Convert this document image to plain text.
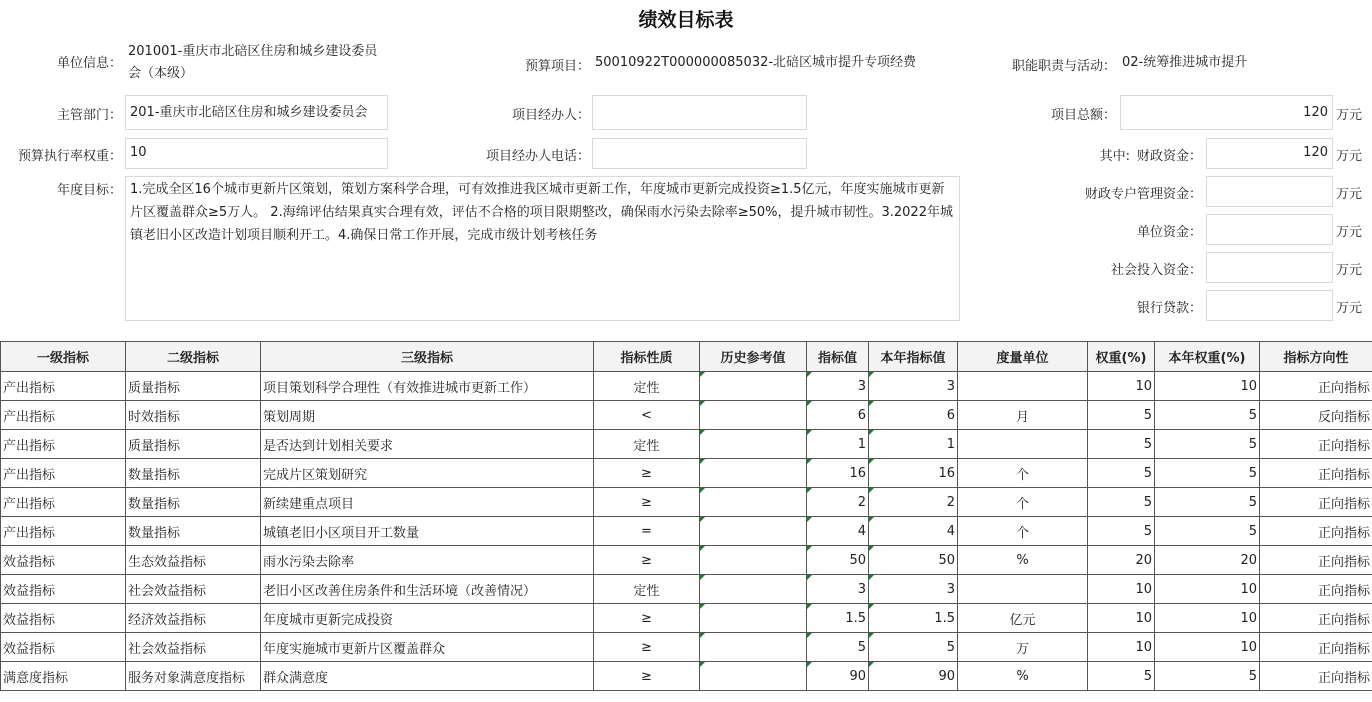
绩效目标表
单位信息：
201001-重庆市北碚区住房和城乡建设委员
会（本级）	预算项目： 50010922T000000085032-北碚区城市提升专项经费	职能职责与活动： 02-统筹推进城市提升
主管部门： 201-重庆市北碚区住房和城乡建设委员会	项目经办人：	项目总额：	120 万元
预算执行率权重： 10	项目经办人电话：	其中: 财政资金：	120 万元
年度目标： 1.完成全区16个城市更新片区策划，策划方案科学合理，可有效推进我区城市更新工作，年度城市更新完成投资≥1.5亿元，年度实施城市更新片区覆盖群众≥5万人。 2.海绵评估结果真实合理有效，评估不合格的项目限期整改，确保雨水污染去除率≥50%，提升城市韧性。3.2022年城镇老旧小区改造计划项目顺利开工。4.确保日常工作开展，完成市级计划考核任务
财政专户管理资金：	万元
单位资金：	万元
社会投入资金：	万元
银行贷款：	万元
一级指标	二级指标	三级指标	指标性质	历史参考值	指标值	本年指标值	度量单位	权重(%)	本年权重(%)	指标方向性
产出指标	质量指标	项目策划科学合理性（有效推进城市更新工作）	定性		3	3		10	10	正向指标
产出指标	时效指标	策划周期	<		6	6	月	5	5	反向指标
产出指标	质量指标	是否达到计划相关要求	定性		1	1		5	5	正向指标
产出指标	数量指标	完成片区策划研究	≥		16	16	个	5	5	正向指标
产出指标	数量指标	新续建重点项目	≥		2	2	个	5	5	正向指标
产出指标	数量指标	城镇老旧小区项目开工数量	=		4	4	个	5	5	正向指标
效益指标	生态效益指标	雨水污染去除率	≥		50	50	%	20	20	正向指标
效益指标	社会效益指标	老旧小区改善住房条件和生活环境（改善情况）	定性		3	3		10	10	正向指标
效益指标	经济效益指标	年度城市更新完成投资	≥		1.5	1.5	亿元	10	10	正向指标
效益指标	社会效益指标	年度实施城市更新片区覆盖群众	≥		5	5	万	10	10	正向指标
满意度指标	服务对象满意度指标	群众满意度	≥		90	90	%	5	5	正向指标
